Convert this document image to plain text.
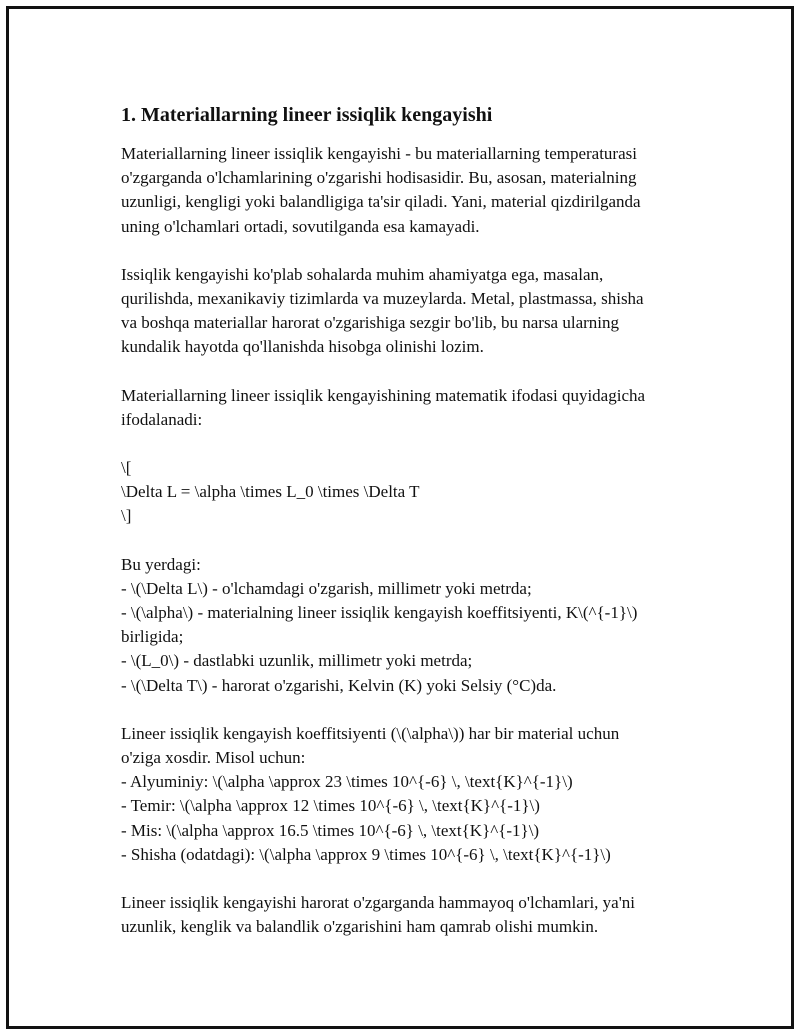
1. Materiallarning lineer issiqlik kengayishi

Materiallarning lineer issiqlik kengayishi - bu materiallarning temperaturasi
o'zgarganda o'lchamlarining o'zgarishi hodisasidir. Bu, asosan, materialning
uzunligi, kengligi yoki balandligiga ta'sir qiladi. Yani, material qizdirilganda
uning o'lchamlari ortadi, sovutilganda esa kamayadi.

Issiqlik kengayishi ko'plab sohalarda muhim ahamiyatga ega, masalan,
qurilishda, mexanikaviy tizimlarda va muzeylarda. Metal, plastmassa, shisha
va boshqa materiallar harorat o'zgarishiga sezgir bo'lib, bu narsa ularning
kundalik hayotda qo'llanishda hisobga olinishi lozim.

Materiallarning lineer issiqlik kengayishining matematik ifodasi quyidagicha
ifodalanadi:

\[
\Delta L = \alpha \times L_0 \times \Delta T
\]
Bu yerdagi:
- \(\Delta L\) - o'lchamdagi o'zgarish, millimetr yoki metrda;
- \(\alpha\) - materialning lineer issiqlik kengayish koeffitsiyenti, K\(^{-1}\)
birligida;
- \(L_0\) - dastlabki uzunlik, millimetr yoki metrda;
- \(\Delta T\) - harorat o'zgarishi, Kelvin (K) yoki Selsiy (°C)da.
Lineer issiqlik kengayish koeffitsiyenti (\(\alpha\)) har bir material uchun
o'ziga xosdir. Misol uchun:
- Alyuminiy: \(\alpha \approx 23 \times 10^{-6} \, \text{K}^{-1}\)
- Temir: \(\alpha \approx 12 \times 10^{-6} \, \text{K}^{-1}\)
- Mis: \(\alpha \approx 16.5 \times 10^{-6} \, \text{K}^{-1}\)
- Shisha (odatdagi): \(\alpha \approx 9 \times 10^{-6} \, \text{K}^{-1}\)

Lineer issiqlik kengayishi harorat o'zgarganda hammayoq o'lchamlari, ya'ni
uzunlik, kenglik va balandlik o'zgarishini ham qamrab olishi mumkin.
